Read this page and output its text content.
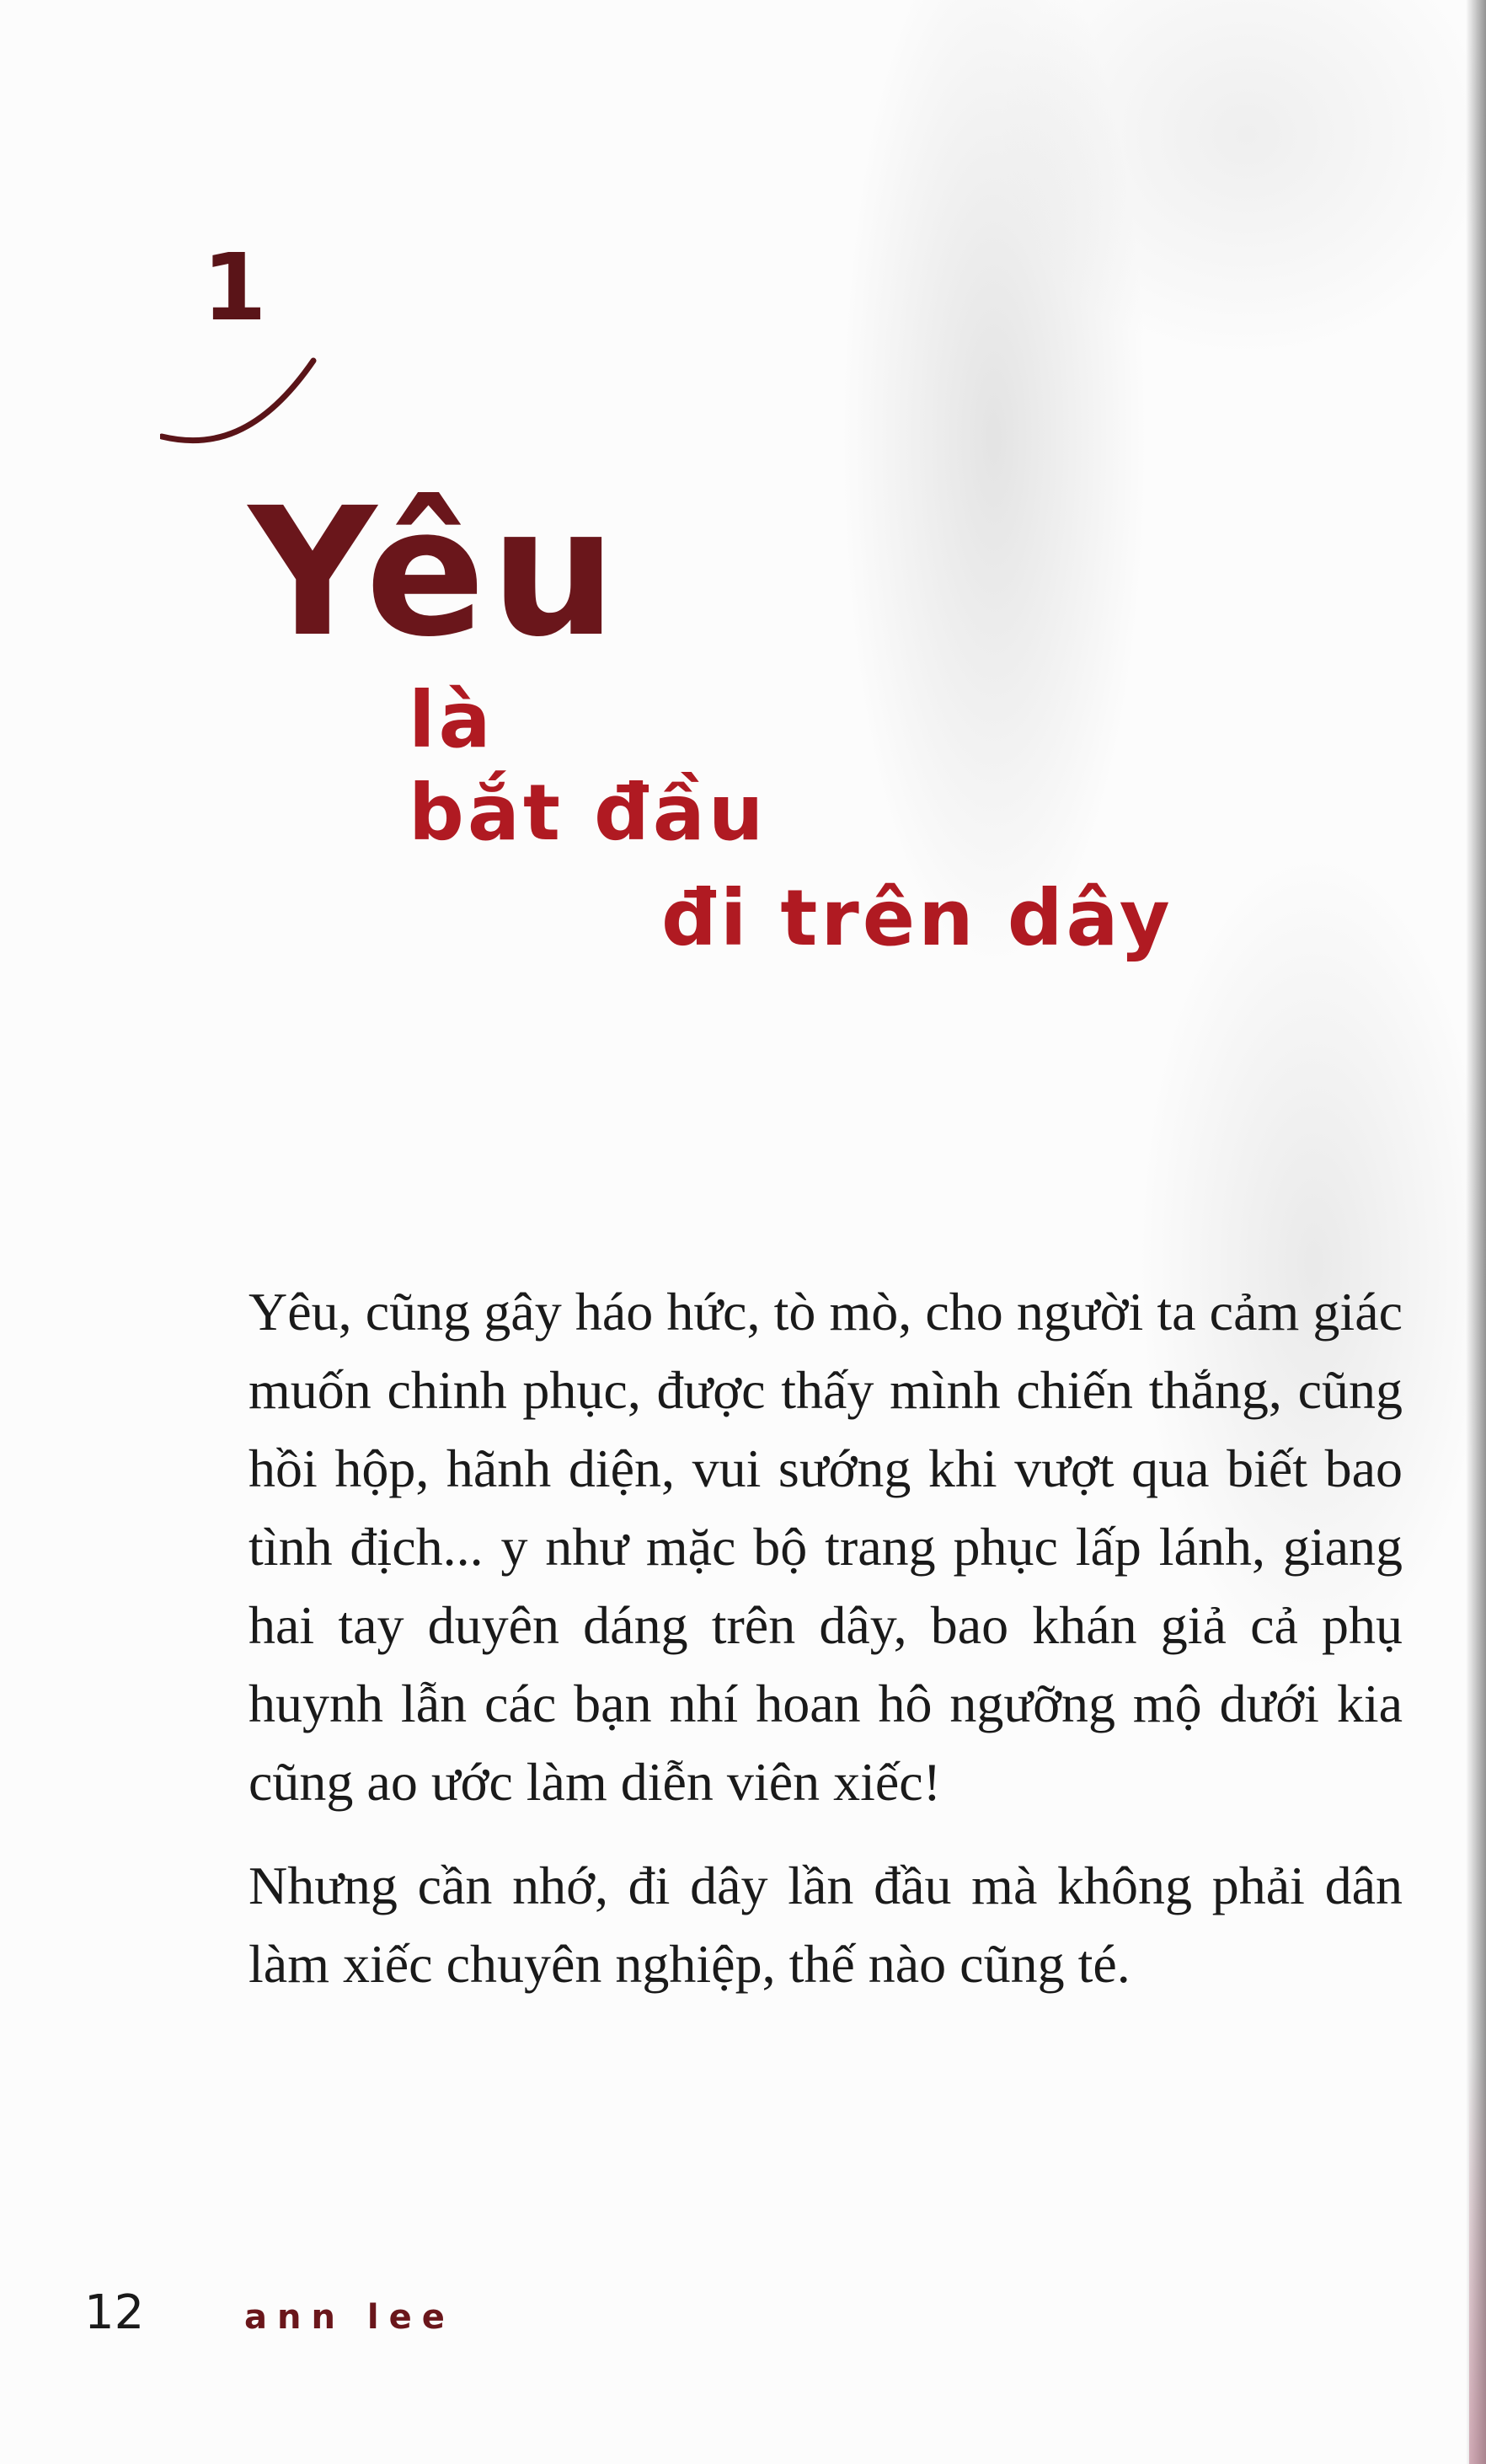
1
Yêu
là
bắt đầu
đi trên dây

Yêu, cũng gây háo hức, tò mò, cho người ta cảm giác muốn chinh phục, được thấy mình chiến thắng, cũng hồi hộp, hãnh diện, vui sướng khi vượt qua biết bao tình địch... y như mặc bộ trang phục lấp lánh, giang hai tay duyên dáng trên dây, bao khán giả cả phụ huynh lẫn các bạn nhí hoan hô ngưỡng mộ dưới kia cũng ao ước làm diễn viên xiếc!

Nhưng cần nhớ, đi dây lần đầu mà không phải dân làm xiếc chuyên nghiệp, thế nào cũng té.

12	ann lee
